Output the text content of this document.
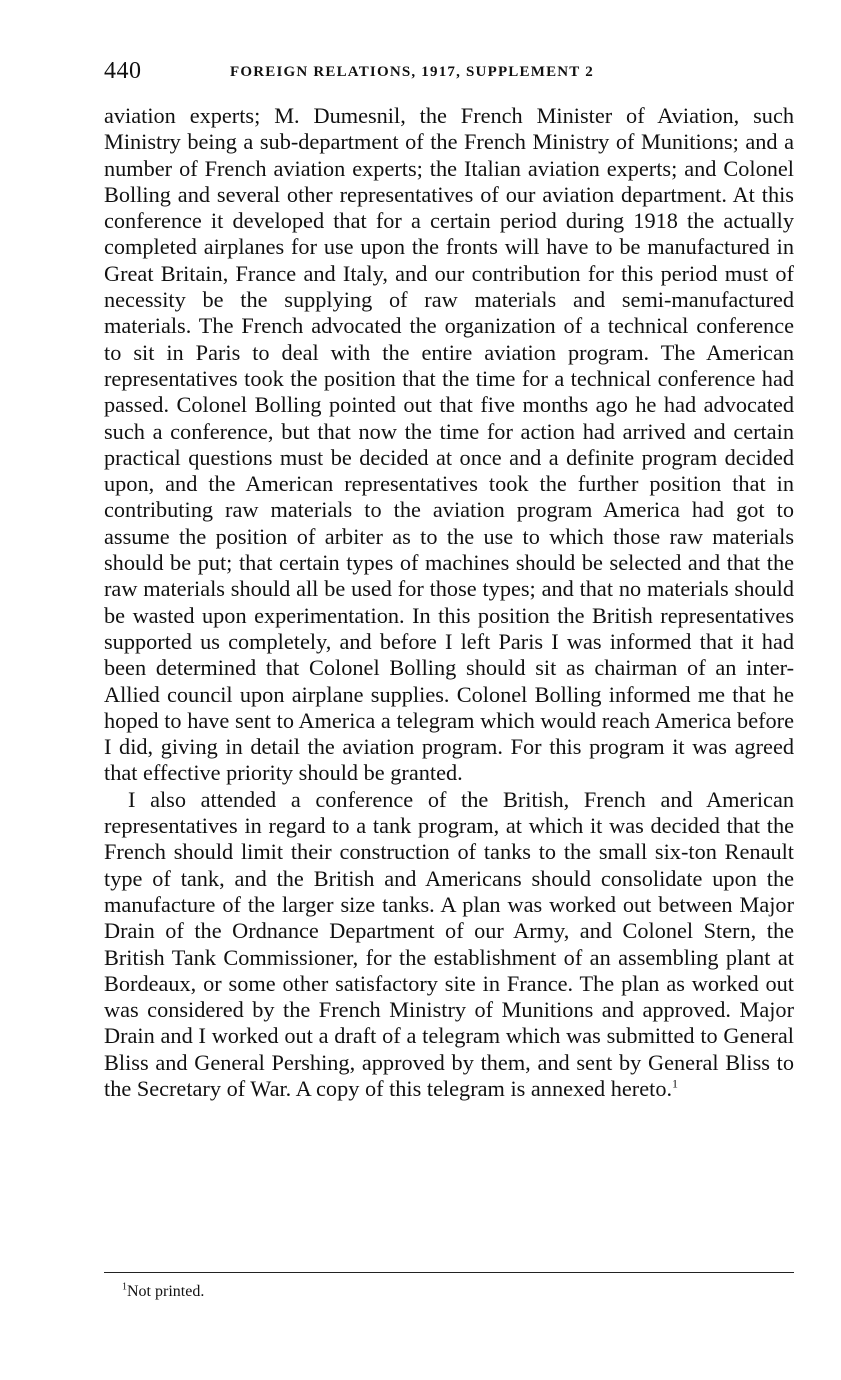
440	FOREIGN RELATIONS, 1917, SUPPLEMENT 2

aviation experts; M. Dumesnil, the French Minister of Aviation, such Ministry being a sub-department of the French Ministry of Munitions; and a number of French aviation experts; the Italian aviation experts; and Colonel Bolling and several other representatives of our aviation department. At this conference it developed that for a certain period during 1918 the actually completed airplanes for use upon the fronts will have to be manufactured in Great Britain, France and Italy, and our contribution for this period must of necessity be the supplying of raw materials and semi-manufactured materials. The French advocated the organization of a technical conference to sit in Paris to deal with the entire aviation program. The American representatives took the position that the time for a technical conference had passed. Colonel Bolling pointed out that five months ago he had advocated such a conference, but that now the time for action had arrived and certain practical questions must be decided at once and a definite program decided upon, and the American representatives took the further position that in contributing raw materials to the aviation program America had got to assume the position of arbiter as to the use to which those raw materials should be put; that certain types of machines should be selected and that the raw materials should all be used for those types; and that no materials should be wasted upon experimentation. In this position the British representatives supported us completely, and before I left Paris I was informed that it had been determined that Colonel Bolling should sit as chairman of an inter-Allied council upon airplane supplies. Colonel Bolling informed me that he hoped to have sent to America a telegram which would reach America before I did, giving in detail the aviation program. For this program it was agreed that effective priority should be granted.

I also attended a conference of the British, French and American representatives in regard to a tank program, at which it was decided that the French should limit their construction of tanks to the small six-ton Renault type of tank, and the British and Americans should consolidate upon the manufacture of the larger size tanks. A plan was worked out between Major Drain of the Ordnance Department of our Army, and Colonel Stern, the British Tank Commissioner, for the establishment of an assembling plant at Bordeaux, or some other satisfactory site in France. The plan as worked out was considered by the French Ministry of Munitions and approved. Major Drain and I worked out a draft of a telegram which was submitted to General Bliss and General Pershing, approved by them, and sent by General Bliss to the Secretary of War. A copy of this telegram is annexed hereto.$^1$

$^1$Not printed.
